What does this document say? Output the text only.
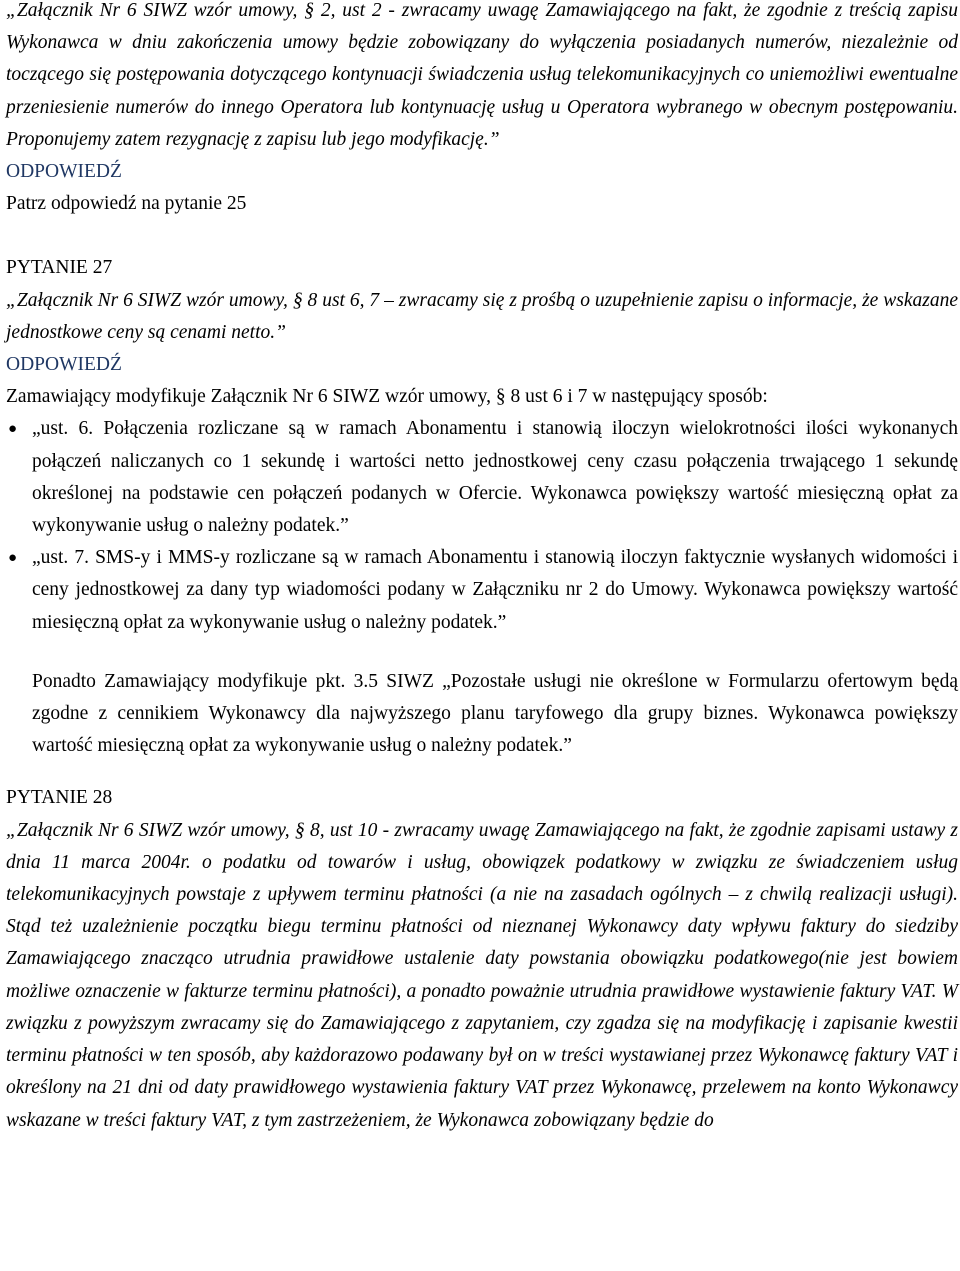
„Załącznik Nr 6 SIWZ wzór umowy, § 2, ust 2 - zwracamy uwagę Zamawiającego na fakt, że zgodnie z treścią zapisu Wykonawca w dniu zakończenia umowy będzie zobowiązany do wyłączenia posiadanych numerów, niezależnie od toczącego się postępowania dotyczącego kontynuacji świadczenia usług telekomunikacyjnych co uniemożliwi ewentualne przeniesienie numerów do innego Operatora lub kontynuację usług u Operatora wybranego w obecnym postępowaniu. Proponujemy zatem rezygnację z zapisu lub jego modyfikację.”

ODPOWIEDŹ

Patrz odpowiedź na pytanie 25

PYTANIE 27

„Załącznik Nr 6 SIWZ wzór umowy, § 8 ust 6, 7 – zwracamy się z prośbą o uzupełnienie zapisu o informacje, że wskazane jednostkowe ceny są cenami netto.”

ODPOWIEDŹ

Zamawiający modyfikuje Załącznik Nr 6 SIWZ wzór umowy, § 8 ust 6 i 7 w następujący sposób:

● „ust. 6. Połączenia rozliczane są w ramach Abonamentu i stanowią iloczyn wielokrotności ilości wykonanych połączeń naliczanych co 1 sekundę i wartości netto jednostkowej ceny czasu połączenia trwającego 1 sekundę określonej na podstawie cen połączeń podanych w Ofercie. Wykonawca powiększy wartość miesięczną opłat za wykonywanie usług o należny podatek.”
● „ust. 7. SMS-y i MMS-y rozliczane są w ramach Abonamentu i stanowią iloczyn faktycznie wysłanych widomości i ceny jednostkowej za dany typ wiadomości podany w Załączniku nr 2 do Umowy. Wykonawca powiększy wartość miesięczną opłat za wykonywanie usług o należny podatek.”

Ponadto Zamawiający modyfikuje pkt. 3.5 SIWZ „Pozostałe usługi nie określone w Formularzu ofertowym będą zgodne z cennikiem Wykonawcy dla najwyższego planu taryfowego dla grupy biznes. Wykonawca powiększy wartość miesięczną opłat za wykonywanie usług o należny podatek.”

PYTANIE 28

„Załącznik Nr 6 SIWZ wzór umowy, § 8, ust 10 - zwracamy uwagę Zamawiającego na fakt, że zgodnie zapisami ustawy z dnia 11 marca 2004r. o podatku od towarów i usług, obowiązek podatkowy w związku ze świadczeniem usług telekomunikacyjnych powstaje z upływem terminu płatności (a nie na zasadach ogólnych – z chwilą realizacji usługi). Stąd też uzależnienie początku biegu terminu płatności od nieznanej Wykonawcy daty wpływu faktury do siedziby Zamawiającego znacząco utrudnia prawidłowe ustalenie daty powstania obowiązku podatkowego(nie jest bowiem możliwe oznaczenie w fakturze terminu płatności), a ponadto poważnie utrudnia prawidłowe wystawienie faktury VAT. W związku z powyższym zwracamy się do Zamawiającego z zapytaniem, czy zgadza się na modyfikację i zapisanie kwestii terminu płatności w ten sposób, aby każdorazowo podawany był on w treści wystawianej przez Wykonawcę faktury VAT i określony na 21 dni od daty prawidłowego wystawienia faktury VAT przez Wykonawcę, przelewem na konto Wykonawcy wskazane w treści faktury VAT, z tym zastrzeżeniem, że Wykonawca zobowiązany będzie do
